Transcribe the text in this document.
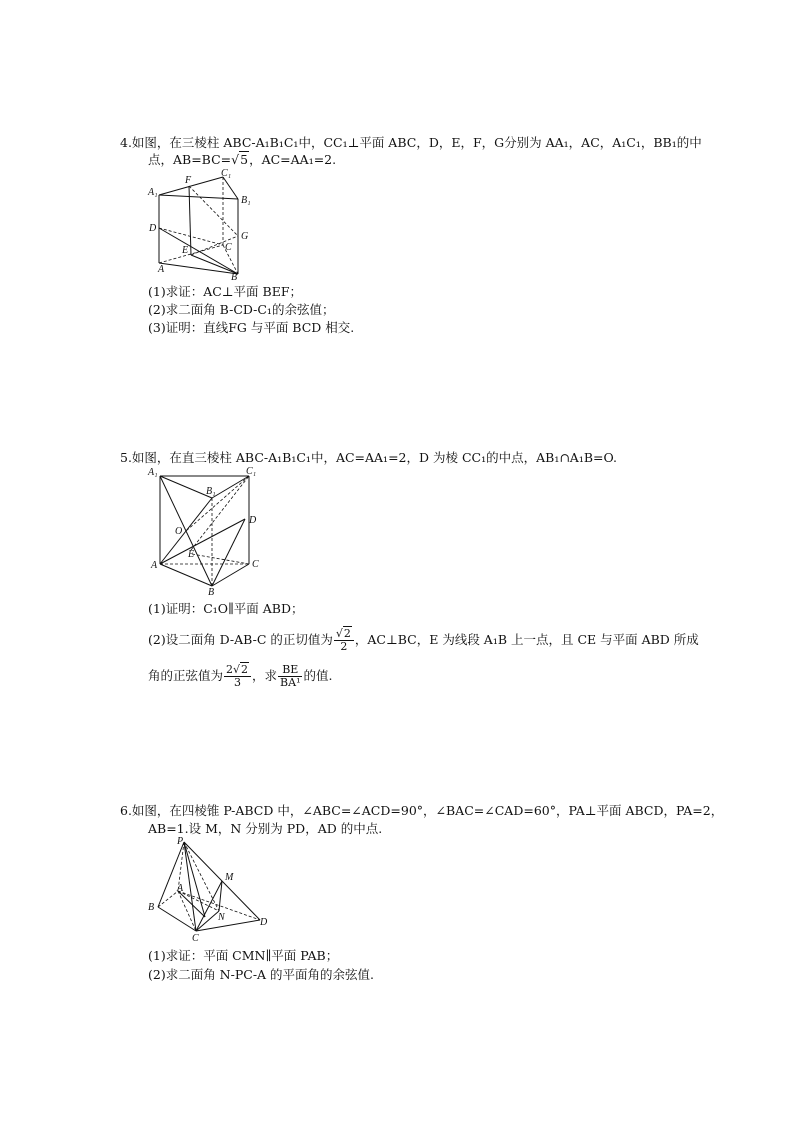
4.如图，在三棱柱 ABC-A₁B₁C₁中，CC₁⊥平面 ABC，D，E，F，G分别为 AA₁，AC，A₁C₁，BB₁的中
点，AB=BC=√5，AC=AA₁=2.
A₁
F
C₁
B₁
D
G
C
E
A
B
(1)求证：AC⊥平面 BEF；
(2)求二面角 B-CD-C₁的余弦值；
(3)证明：直线FG 与平面 BCD 相交.
5.如图，在直三棱柱 ABC-A₁B₁C₁中，AC=AA₁=2，D 为棱 CC₁的中点，AB₁∩A₁B=O.
A₁	C₁
B₁
O
D
E
A	C
B
(1)证明：C₁O∥平面 ABD；
(2)设二面角 D-AB-C 的正切值为 $\frac{√2}{2}$ ，AC⊥BC，E 为线段 A₁B 上一点，且 CE 与平面 ABD 所成
角的正弦值为 $\frac{2√2}{3}$ ，求 $\frac{BE}{\text{BA¹}}$ 的值.
6.如图，在四棱锥 P-ABCD 中，∠ABC=∠ACD=90°，∠BAC=∠CAD=60°，PA⊥平面 ABCD，PA=2，
AB=1.设 M，N 分别为 PD，AD 的中点.
P
M
A
B
N	D
C
(1)求证：平面 CMN∥平面 PAB；
(2)求二面角 N-PC-A 的平面角的余弦值.
